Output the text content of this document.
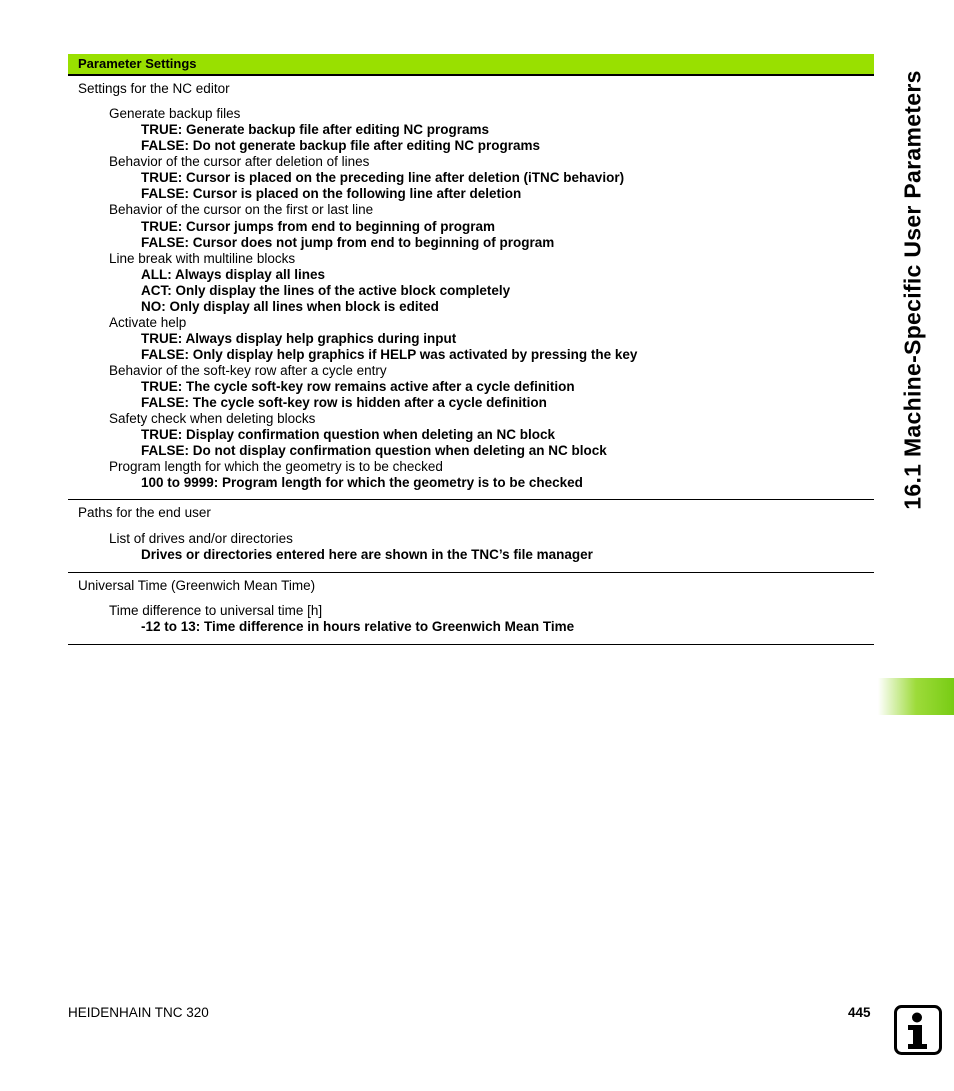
Parameter Settings
Settings for the NC editor
Generate backup files
TRUE: Generate backup file after editing NC programs
FALSE: Do not generate backup file after editing NC programs
Behavior of the cursor after deletion of lines
TRUE: Cursor is placed on the preceding line after deletion (iTNC behavior)
FALSE: Cursor is placed on the following line after deletion
Behavior of the cursor on the first or last line
TRUE: Cursor jumps from end to beginning of program
FALSE: Cursor does not jump from end to beginning of program
Line break with multiline blocks
ALL: Always display all lines
ACT: Only display the lines of the active block completely
NO: Only display all lines when block is edited
Activate help
TRUE: Always display help graphics during input
FALSE: Only display help graphics if HELP was activated by pressing the key
Behavior of the soft-key row after a cycle entry
TRUE: The cycle soft-key row remains active after a cycle definition
FALSE: The cycle soft-key row is hidden after a cycle definition
Safety check when deleting blocks
TRUE: Display confirmation question when deleting an NC block
FALSE: Do not display confirmation question when deleting an NC block
Program length for which the geometry is to be checked
100 to 9999: Program length for which the geometry is to be checked
Paths for the end user
List of drives and/or directories
Drives or directories entered here are shown in the TNC’s file manager
Universal Time (Greenwich Mean Time)
Time difference to universal time [h]
-12 to 13: Time difference in hours relative to Greenwich Mean Time
16.1 Machine-Specific User Parameters
HEIDENHAIN TNC 320	445
